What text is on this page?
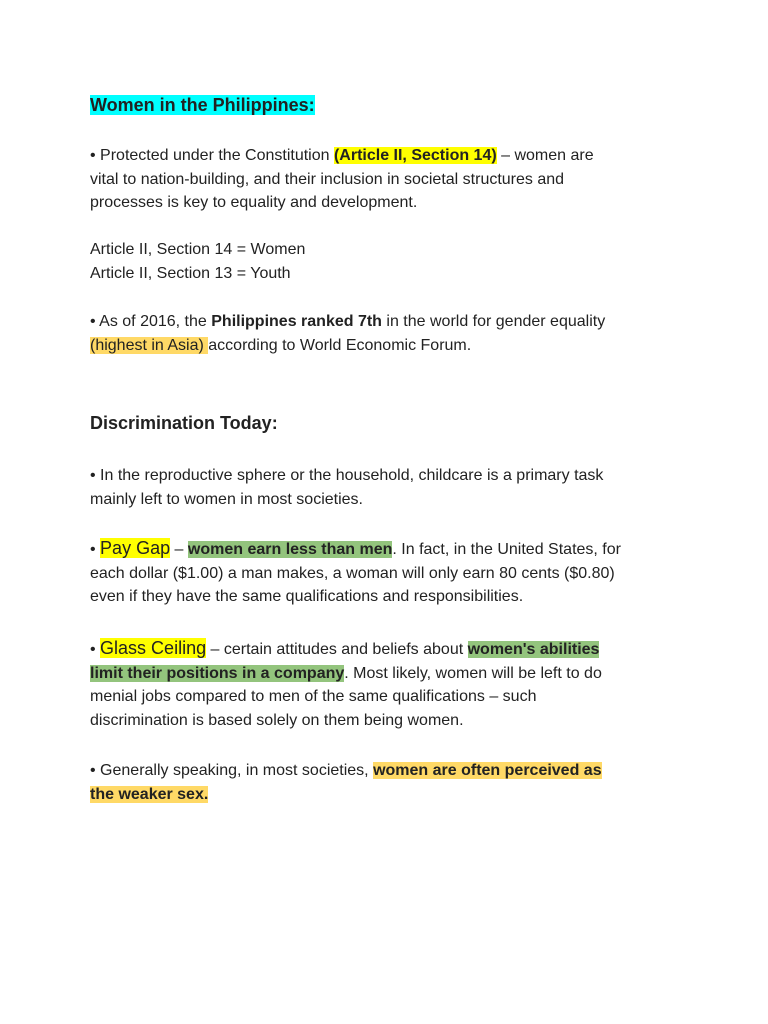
Women in the Philippines:
• Protected under the Constitution (Article II, Section 14) – women are
vital to nation-building, and their inclusion in societal structures and
processes is key to equality and development.
Article II, Section 14 = Women
Article II, Section 13 = Youth
• As of 2016, the Philippines ranked 7th in the world for gender equality
(highest in Asia) according to World Economic Forum.
Discrimination Today:
• In the reproductive sphere or the household, childcare is a primary task
mainly left to women in most societies.
• Pay Gap – women earn less than men. In fact, in the United States, for
each dollar ($1.00) a man makes, a woman will only earn 80 cents ($0.80)
even if they have the same qualifications and responsibilities.
• Glass Ceiling – certain attitudes and beliefs about women's abilities
limit their positions in a company. Most likely, women will be left to do
menial jobs compared to men of the same qualifications – such
discrimination is based solely on them being women.
• Generally speaking, in most societies, women are often perceived as
the weaker sex.
